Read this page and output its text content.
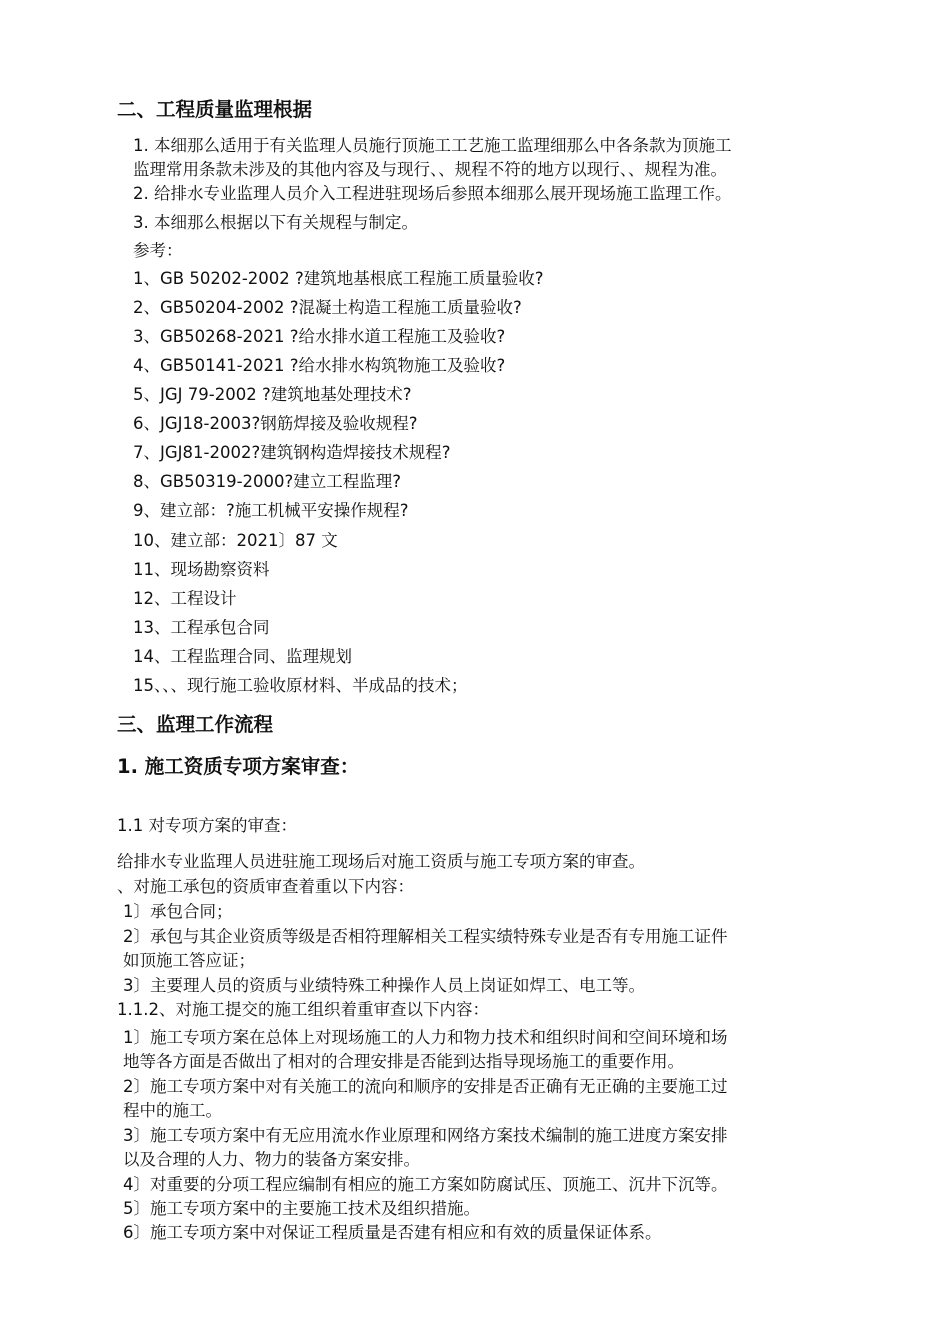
二、工程质量监理根据
1. 本细那么适用于有关监理人员施行顶施工工艺施工监理细那么中各条款为顶施工
监理常用条款未涉及的其他内容及与现行、、规程不符的地方以现行、、规程为准。
2. 给排水专业监理人员介入工程进驻现场后参照本细那么展开现场施工监理工作。
3. 本细那么根据以下有关规程与制定。
参考：
1、GB 50202-2002 ?建筑地基根底工程施工质量验收?
2、GB50204-2002 ?混凝土构造工程施工质量验收?
3、GB50268-2021 ?给水排水道工程施工及验收?
4、GB50141-2021 ?给水排水构筑物施工及验收?
5、JGJ 79-2002 ?建筑地基处理技术?
6、JGJ18-2003?钢筋焊接及验收规程?
7、JGJ81-2002?建筑钢构造焊接技术规程?
8、GB50319-2000?建立工程监理?
9、建立部：?施工机械平安操作规程?
10、建立部：2021〕87 文
11、现场勘察资料
12、工程设计
13、工程承包合同
14、工程监理合同、监理规划
15、、、现行施工验收原材料、半成品的技术；
三、监理工作流程
1. 施工资质专项方案审查：
1.1 对专项方案的审查：
给排水专业监理人员进驻施工现场后对施工资质与施工专项方案的审查。
、对施工承包的资质审查着重以下内容：
1〕承包合同；
2〕承包与其企业资质等级是否相符理解相关工程实绩特殊专业是否有专用施工证件
如顶施工答应证；
3〕主要理人员的资质与业绩特殊工种操作人员上岗证如焊工、电工等。
1.1.2、对施工提交的施工组织着重审查以下内容：
1〕施工专项方案在总体上对现场施工的人力和物力技术和组织时间和空间环境和场
地等各方面是否做出了相对的合理安排是否能到达指导现场施工的重要作用。
2〕施工专项方案中对有关施工的流向和顺序的安排是否正确有无正确的主要施工过
程中的施工。
3〕施工专项方案中有无应用流水作业原理和网络方案技术编制的施工进度方案安排
以及合理的人力、物力的装备方案安排。
4〕对重要的分项工程应编制有相应的施工方案如防腐试压、顶施工、沉井下沉等。
5〕施工专项方案中的主要施工技术及组织措施。
6〕施工专项方案中对保证工程质量是否建有相应和有效的质量保证体系。
